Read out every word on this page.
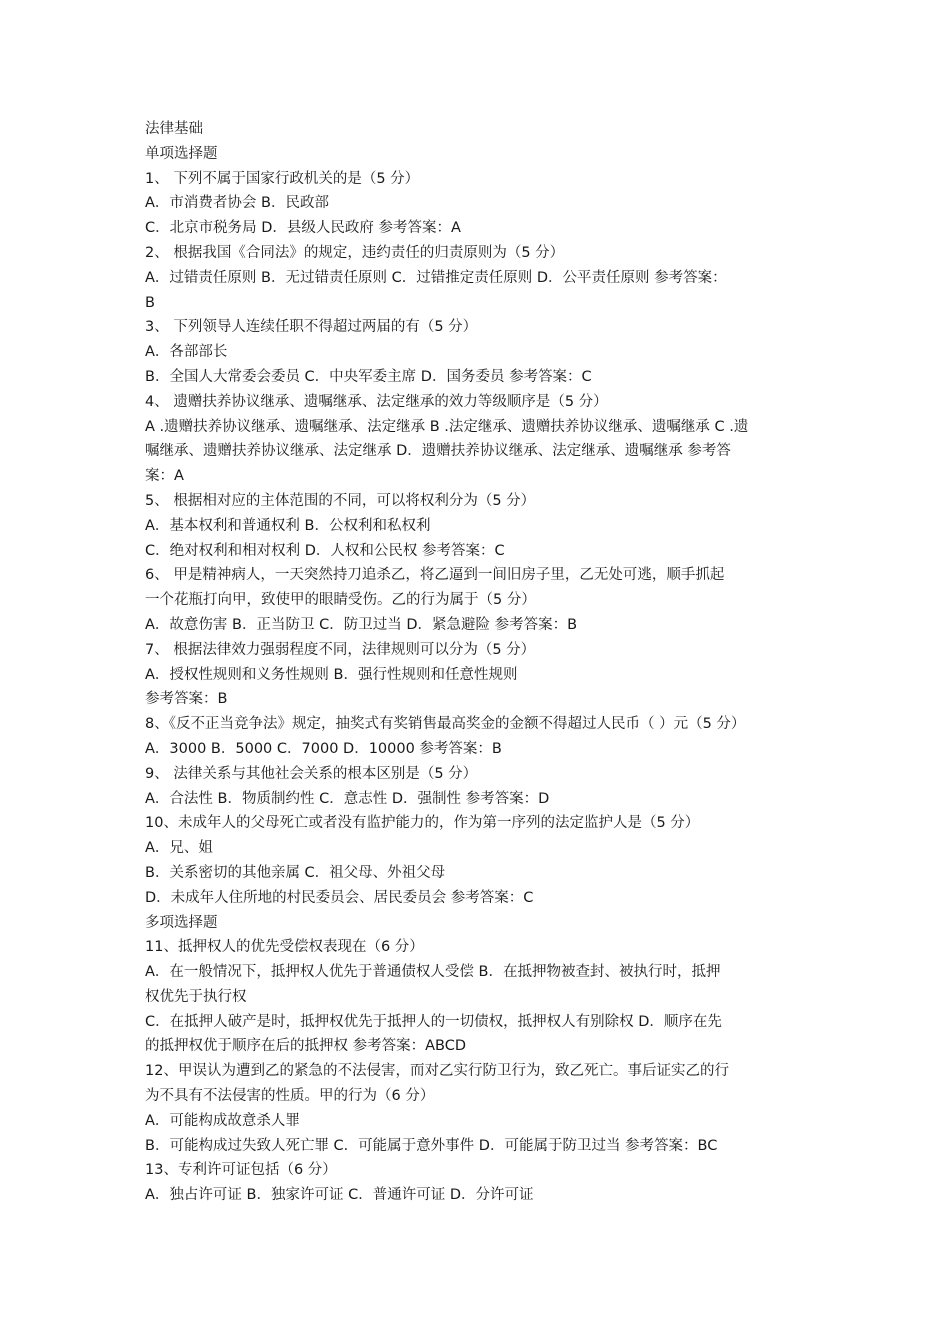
法律基础
单项选择题
1、 下列不属于国家行政机关的是（5 分）
A．市消费者协会 B．民政部
C．北京市税务局 D．县级人民政府 参考答案：A
2、 根据我国《合同法》的规定，违约责任的归责原则为（5 分）
A．过错责任原则 B．无过错责任原则 C．过错推定责任原则 D．公平责任原则 参考答案：
B
3、 下列领导人连续任职不得超过两届的有（5 分）
A．各部部长
B．全国人大常委会委员 C．中央军委主席 D．国务委员 参考答案：C
4、 遗赠扶养协议继承、遗嘱继承、法定继承的效力等级顺序是（5 分）
A .遗赠扶养协议继承、遗嘱继承、法定继承 B .法定继承、遗赠扶养协议继承、遗嘱继承 C .遗
嘱继承、遗赠扶养协议继承、法定继承 D．遗赠扶养协议继承、法定继承、遗嘱继承 参考答
案：A
5、 根据相对应的主体范围的不同，可以将权利分为（5 分）
A．基本权利和普通权利 B．公权利和私权利
C．绝对权利和相对权利 D．人权和公民权 参考答案：C
6、 甲是精神病人，一天突然持刀追杀乙，将乙逼到一间旧房子里，乙无处可逃，顺手抓起
一个花瓶打向甲，致使甲的眼睛受伤。乙的行为属于（5 分）
A．故意伤害 B．正当防卫 C．防卫过当 D．紧急避险 参考答案：B
7、 根据法律效力强弱程度不同，法律规则可以分为（5 分）
A．授权性规则和义务性规则 B．强行性规则和任意性规则
参考答案：B
8、《反不正当竞争法》规定，抽奖式有奖销售最高奖金的金额不得超过人民币（ ）元（5 分）
A．3000 B．5000 C．7000 D．10000 参考答案：B
9、 法律关系与其他社会关系的根本区别是（5 分）
A．合法性 B．物质制约性 C．意志性 D．强制性 参考答案：D
10、未成年人的父母死亡或者没有监护能力的，作为第一序列的法定监护人是（5 分）
A．兄、姐
B．关系密切的其他亲属 C．祖父母、外祖父母
D．未成年人住所地的村民委员会、居民委员会 参考答案：C
多项选择题
11、抵押权人的优先受偿权表现在（6 分）
A．在一般情况下，抵押权人优先于普通债权人受偿 B．在抵押物被查封、被执行时，抵押
权优先于执行权
C．在抵押人破产是时，抵押权优先于抵押人的一切债权，抵押权人有别除权 D．顺序在先
的抵押权优于顺序在后的抵押权 参考答案：ABCD
12、甲误认为遭到乙的紧急的不法侵害，而对乙实行防卫行为，致乙死亡。事后证实乙的行
为不具有不法侵害的性质。甲的行为（6 分）
A．可能构成故意杀人罪
B．可能构成过失致人死亡罪 C．可能属于意外事件 D．可能属于防卫过当 参考答案：BC
13、专利许可证包括（6 分）
A．独占许可证 B．独家许可证 C．普通许可证 D．分许可证
